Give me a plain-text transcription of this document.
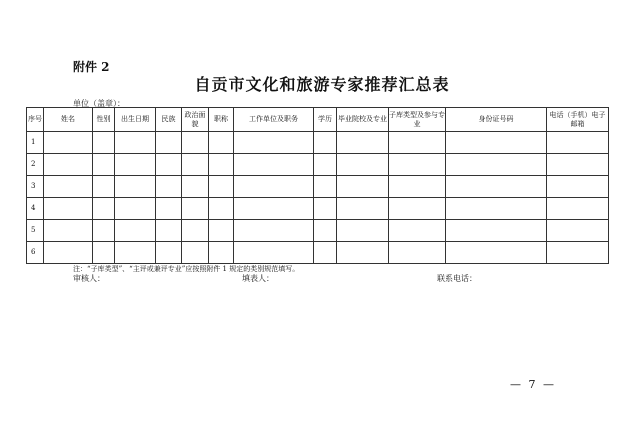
附件 2
自贡市文化和旅游专家推荐汇总表
单位（盖章）：
序号	姓名	性别	出生日期	民族	政治面貌	职称	工作单位及职务	学历	毕业院校及专业	子库类型及参与专业	身份证号码	电话（手机）电子邮箱
1												
2												
3												
4												
5												
6												
注：“子库类型”、“主评或兼评专业”应按照附件 1 规定的类别规范填写。
审核人：	填表人：	联系电话：
— 7 —
